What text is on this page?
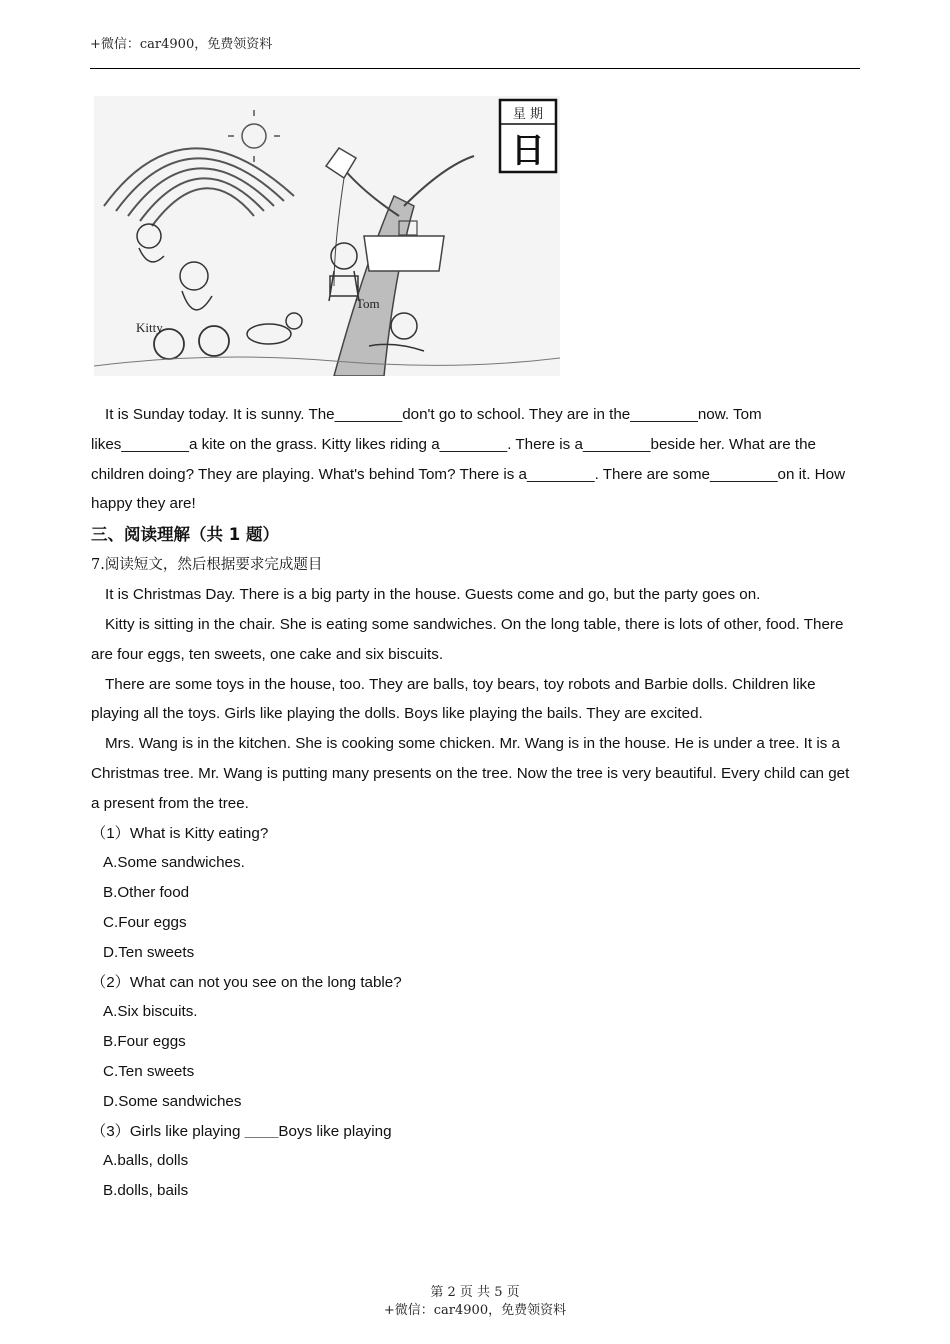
+微信：car4900，免费领资料
星 期
日
Tom
Kitty

It is Sunday today. It is sunny. The________don't go to school. They are in the________now. Tom likes________a kite on the grass. Kitty likes riding a________. There is a________beside her. What are the children doing? They are playing. What's behind Tom? There is a________. There are some________on it. How happy they are!

三、阅读理解（共 1 题）

7.阅读短文，然后根据要求完成题目

It is Christmas Day. There is a big party in the house. Guests come and go, but the party goes on.

Kitty is sitting in the chair. She is eating some sandwiches. On the long table, there is lots of other, food. There are four eggs, ten sweets, one cake and six biscuits.

There are some toys in the house, too. They are balls, toy bears, toy robots and Barbie dolls. Children like playing all the toys. Girls like playing the dolls. Boys like playing the bails. They are excited.

Mrs. Wang is in the kitchen. She is cooking some chicken. Mr. Wang is in the house. He is under a tree. It is a Christmas tree. Mr. Wang is putting many presents on the tree. Now the tree is very beautiful. Every child can get a present from the tree.

（1）What is Kitty eating?

A.Some sandwiches.

B.Other food

C.Four eggs

D.Ten sweets

（2）What can not you see on the long table?

A.Six biscuits.

B.Four eggs

C.Ten sweets

D.Some sandwiches

（3）Girls like playing ____Boys like playing

A.balls, dolls

B.dolls, bails

第 2 页 共 5 页
+微信：car4900，免费领资料
